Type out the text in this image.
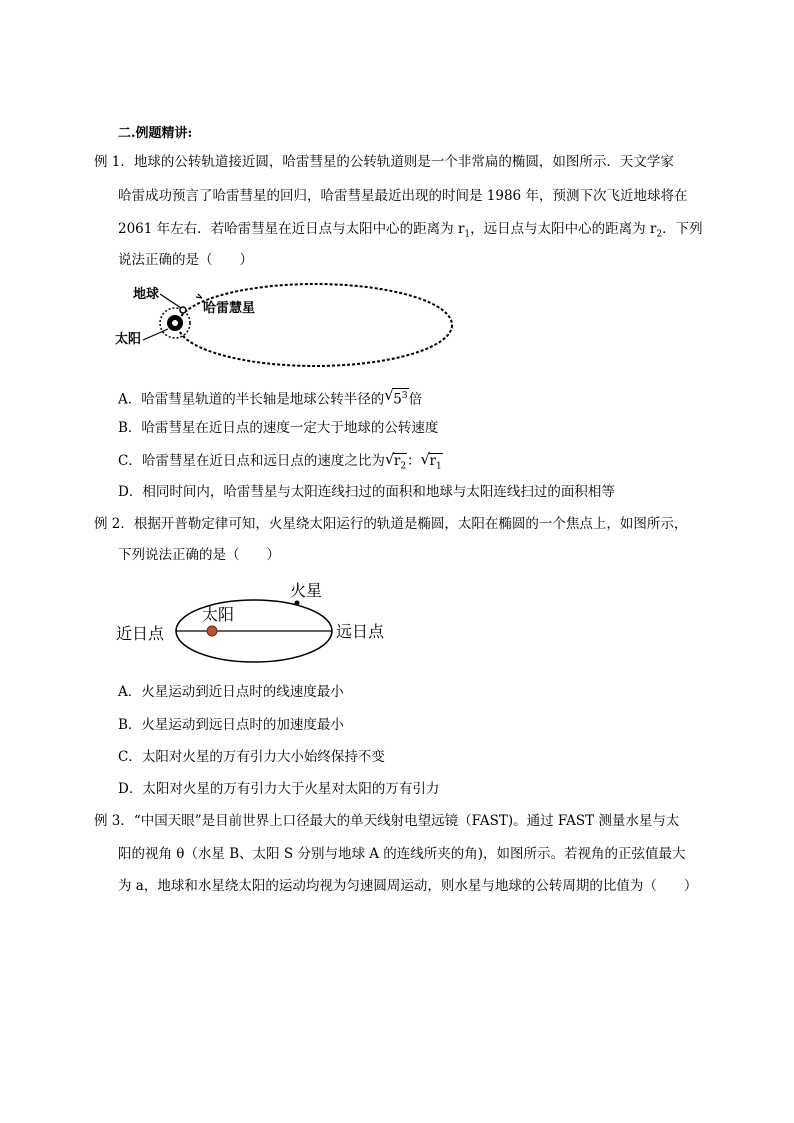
二.例题精讲:
例 1．地球的公转轨道接近圆，哈雷彗星的公转轨道则是一个非常扁的椭圆，如图所示．天文学家
哈雷成功预言了哈雷彗星的回归，哈雷彗星最近出现的时间是 1986 年，预测下次飞近地球将在
2061 年左右．若哈雷彗星在近日点与太阳中心的距离为 $r_1$，远日点与太阳中心的距离为 $r_2$．下列
说法正确的是（　　）
地球
哈雷慧星
太阳
A．哈雷彗星轨道的半长轴是地球公转半径的 √ $5^3$倍
B．哈雷彗星在近日点的速度一定大于地球的公转速度
C．哈雷彗星在近日点和远日点的速度之比为 √ $r_2$： √ $r_1$
D．相同时间内，哈雷彗星与太阳连线扫过的面积和地球与太阳连线扫过的面积相等
例 2．根据开普勒定律可知，火星绕太阳运行的轨道是椭圆，太阳在椭圆的一个焦点上，如图所示，
下列说法正确的是（　　）
火星
太阳
近日点	远日点
A．火星运动到近日点时的线速度最小
B．火星运动到远日点时的加速度最小
C．太阳对火星的万有引力大小始终保持不变
D．太阳对火星的万有引力大于火星对太阳的万有引力
例 3．“中国天眼”是目前世界上口径最大的单天线射电望远镜（FAST)。通过 FAST 测量水星与太
阳的视角 θ（水星 B、太阳 S 分别与地球 A 的连线所夹的角)，如图所示。若视角的正弦值最大
为 a，地球和水星绕太阳的运动均视为匀速圆周运动，则水星与地球的公转周期的比值为（　　）
